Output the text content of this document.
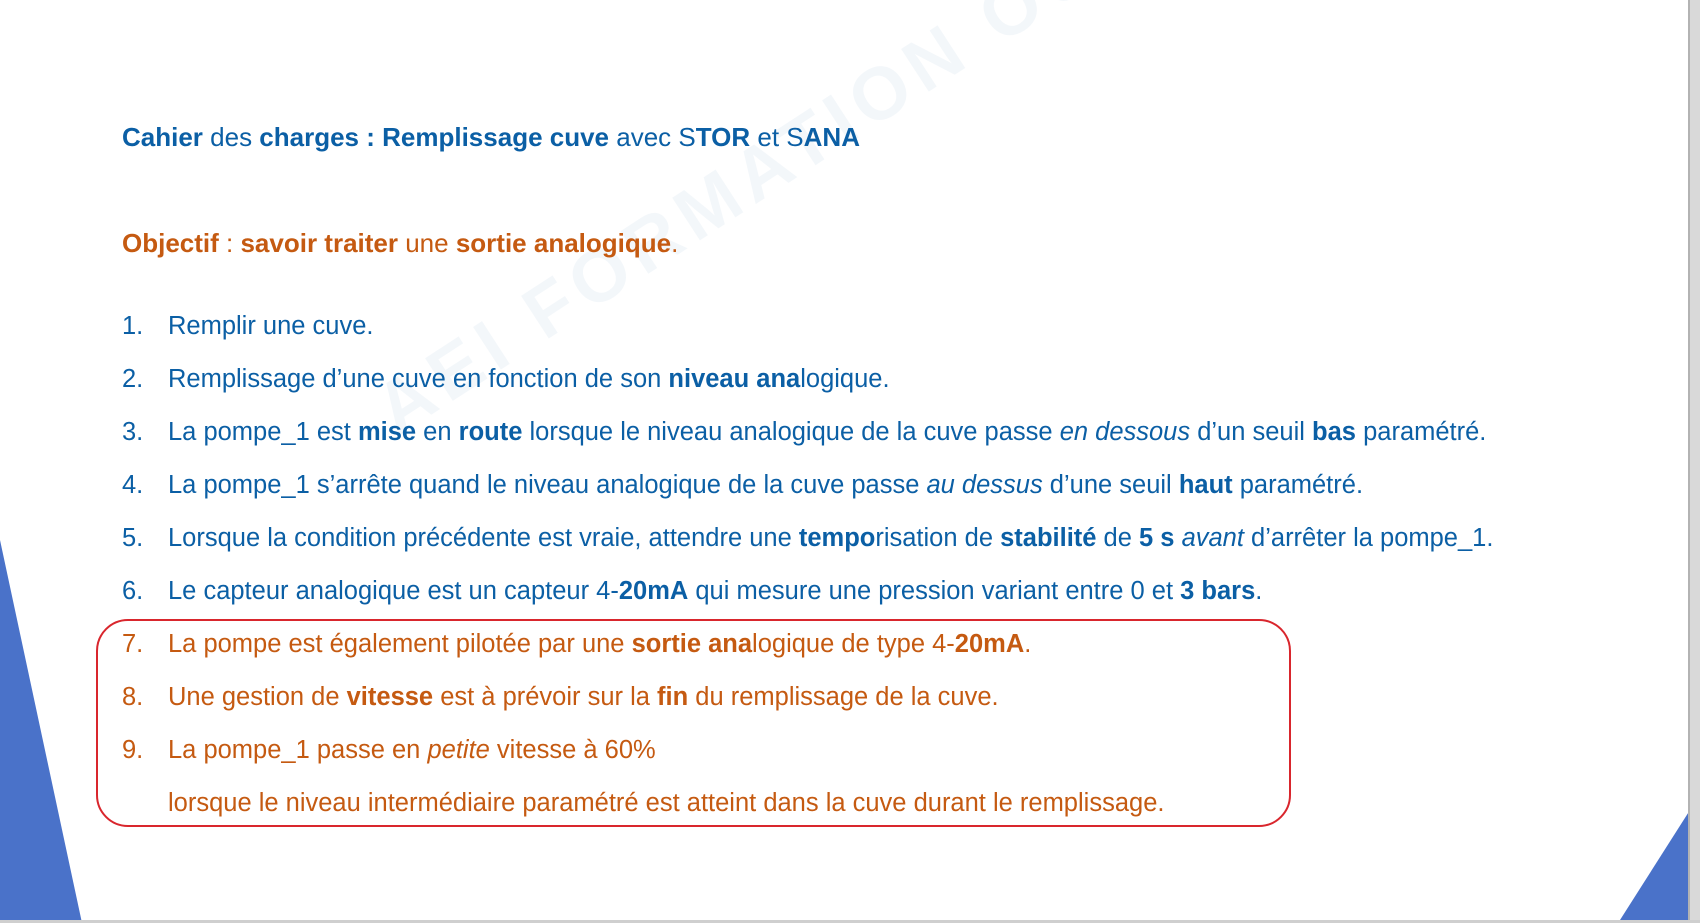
Cahier des charges : Remplissage cuve avec STOR et SANA
Objectif : savoir traiter une sortie analogique.
1. Remplir une cuve.
2. Remplissage d’une cuve en fonction de son niveau analogique.
3. La pompe_1 est mise en route lorsque le niveau analogique de la cuve passe en dessous d’un seuil bas paramétré.
4. La pompe_1 s’arrête quand le niveau analogique de la cuve passe au dessus d’une seuil haut paramétré.
5. Lorsque la condition précédente est vraie, attendre une temporisation de stabilité de 5 s avant d’arrêter la pompe_1.
6. Le capteur analogique est un capteur 4-20mA qui mesure une pression variant entre 0 et 3 bars.
7. La pompe est également pilotée par une sortie analogique de type 4-20mA.
8. Une gestion de vitesse est à prévoir sur la fin du remplissage de la cuve.
9. La pompe_1 passe en petite vitesse à 60%
lorsque le niveau intermédiaire paramétré est atteint dans la cuve durant le remplissage.
